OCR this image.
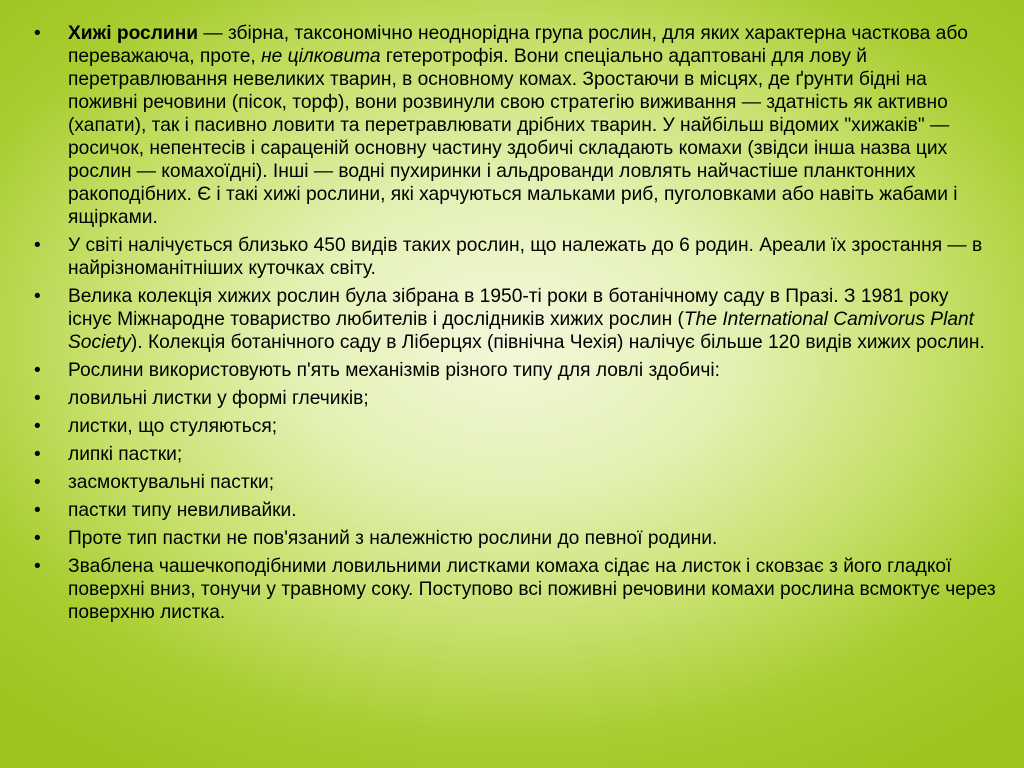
•	Хижі рослини — збірна, таксономічно неоднорідна група рослин, для яких характерна часткова або переважаюча, проте, не цілковита гетеротрофія. Вони спеціально адаптовані для лову й перетравлювання невеликих тварин, в основному комах. Зростаючи в місцях, де ґрунти бідні на поживні речовини (пісок, торф), вони розвинули свою стратегію виживання — здатність як активно (хапати), так і пасивно ловити та перетравлювати дрібних тварин. У найбільш відомих "хижаків" — росичок, непентесів і сараценій основну частину здобичі складають комахи (звідси інша назва цих рослин — комахоїдні). Інші — водні пухиринки і альдрованди ловлять найчастіше планктонних ракоподібних. Є і такі хижі рослини, які харчуються мальками риб, пуголовками або навіть жабами і ящірками.
•	У світі налічується близько 450 видів таких рослин, що належать до 6 родин. Ареали їх зростання — в найрізноманітніших куточках світу.
•	Велика колекція хижих рослин була зібрана в 1950-ті роки в ботанічному саду в Празі. З 1981 року існує Міжнародне товариство любителів і дослідників хижих рослин (The International Camivorus Plant Society). Колекція ботанічного саду в Ліберцях (північна Чехія) налічує більше 120 видів хижих рослин.
•	Рослини використовують п'ять механізмів різного типу для ловлі здобичі:
•	ловильні листки у формі глечиків;
•	листки, що стуляються;
•	липкі пастки;
•	засмоктувальні пастки;
•	пастки типу невиливайки.
•	Проте тип пастки не пов'язаний з належністю рослини до певної родини.
•	Зваблена чашечкоподібними ловильними листками комаха сідає на листок і сковзає з його гладкої поверхні вниз, тонучи у травному соку. Поступово всі поживні речовини комахи рослина всмоктує через поверхню листка.
